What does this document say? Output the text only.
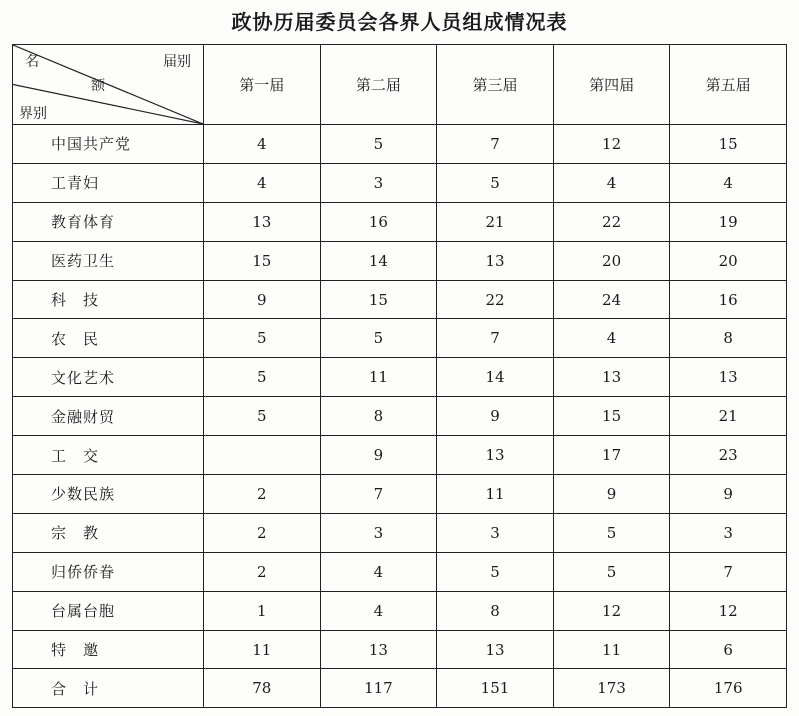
政协历届委员会各界人员组成情况表
名 届别
额
界别	第一届	第二届	第三届	第四届	第五届
中国共产党	4	5	7	12	15
工青妇	4	3	5	4	4
教育体育	13	16	21	22	19
医药卫生	15	14	13	20	20
科　技	9	15	22	24	16
农　民	5	5	7	4	8
文化艺术	5	11	14	13	13
金融财贸	5	8	9	15	21
工　交		9	13	17	23
少数民族	2	7	11	9	9
宗　教	2	3	3	5	3
归侨侨眷	2	4	5	5	7
台属台胞	1	4	8	12	12
特　邀	11	13	13	11	6
合　计	78	117	151	173	176
